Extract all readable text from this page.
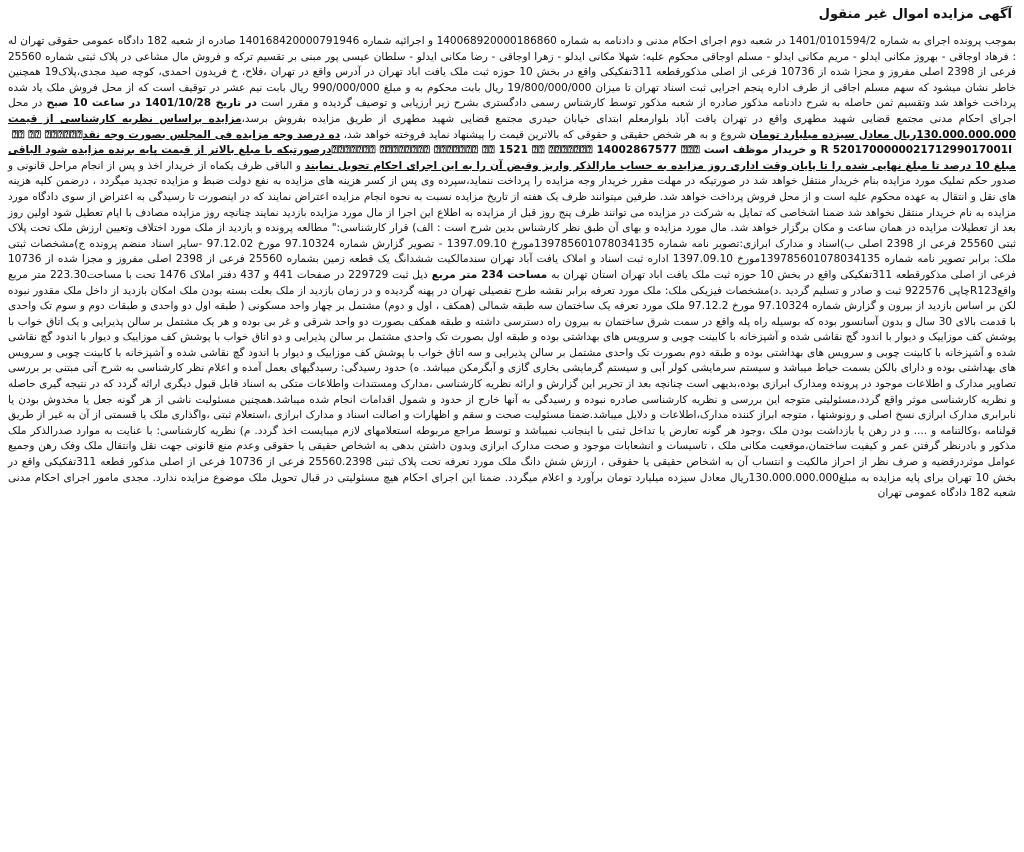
آگهی مزایده اموال غیر منقول

بموجب پرونده اجرای به شماره 1401/0101594/2 در شعبه دوم اجرای احکام مدنی و دادنامه به شماره 140068920000186860 و اجرائیه شماره 140168420000791946 صادره از شعبه 182 دادگاه عمومی حقوقی تهران له : فرهاد اوجاقی - بهروز مکانی ایدلو - مریم مکانی ایدلو - مسلم اوجاقی محکوم علیه: شهلا مکانی ایدلو - زهرا اوجاقی - رضا مکانی ایدلو - سلطان عیسی پور مبنی بر تقسیم ترکه و فروش مال مشاعی در پلاک ثبتی شماره 25560 فرعی از 2398 اصلی مفروز و مجزا شده از 10736 فرعی از اصلی مذکورقطعه 311تفکیکی واقع در بخش 10 حوزه ثبت ملک یافت اباد تهران در آدرس واقع در تهران ،فلاح، خ فریدون احمدی، کوچه صید مجدی،پلاک19 همچنین خاطر نشان میشود که سهم مسلم اجاقی از طرف اداره پنجم اجرایی ثبت اسناد تهران تا میزان 19/800/000/000 ریال بابت محکوم به و مبلغ 990/000/000 ریال بابت نیم عشر در توقیف است که از محل فروش ملک یاد شده پرداخت خواهد شد وتقسیم ثمن حاصله به شرح دادنامه مذکور صادره از شعبه مذکور توسط کارشناس رسمی دادگستری بشرح زیر ارزیابی و توصیف گردیده و مقرر است در تاریخ 1401/10/28 در ساعت 10 صبح در محل اجرای احکام مدنی مجتمع قضایی شهید مطهری واقع در تهران یافت آباد بلوارمعلم ابتدای خیابان حیدری مجتمع قضایی شهید مطهری از طریق مزایده بفروش برسد،مزایده براساس نظریه کارشناسی از قیمت 130.000.000.000ریال معادل سیزده میلیارد تومان شروع و به هر شخص حقیقی و حقوقی که بالاترین قیمت را پیشنهاد نماید فروخته خواهد شد، ده درصد وجه مزایده فی المجلس بصورت وجه نقد ⍰⍰ ⍰⍰ ⍰⍰⍰⍰⍰⍰ ⍰⍰⍰⍰⍰⍰⍰ ⍰⍰⍰⍰⍰⍰⍰⍰ ⍰⍰⍰⍰⍰⍰⍰ ⍰⍰ 1521 ⍰⍰ ⍰⍰⍰⍰⍰⍰⍰ 14002867577 ⍰⍰⍰ و خریدار موظف است R 520170000002171299017001I درصورتیکه با مبلغ بالاتر از قیمت پایه برنده مزایده شود الباقی مبلغ 10 درصد تا مبلغ نهایی شده را تا پایان وقت اداری روز مزایده به حساب مارالذکر واریز وقبض آن را به این اجرای احکام تحویل نمایند و الباقی ظرف یکماه از خریدار اخذ و پس از انجام مراحل قانونی و صدور حکم تملیک مورد مزایده بنام خریدار منتقل خواهد شد در صورتیکه در مهلت مقرر خریدار وجه مزایده را پرداخت ننماید،سپرده وی پس از کسر هزینه های مزایده به نفع دولت ضبط و مزایده تجدید میگردد ، درضمن کلیه هزینه های نقل و انتقال به عهده محکوم علیه است و از محل فروش پرداخت خواهد شد. طرفین میتوانند ظرف یک هفته از تاریخ مزایده نسبت به نحوه انجام مزایده اعتراض نمایند که در اینصورت تا رسیدگی به اعتراض از سوی دادگاه مورد مزایده به نام خریدار منتقل نخواهد شد ضمنا اشخاصی که تمایل به شرکت در مزایده می توانند ظرف پنج روز قبل از مزایده به اطلاع این اجرا از مال مورد مزایده بازدید نمایند چنانچه روز مزایده مصادف با ایام تعطیل شود اولین روز بعد از تعطیلات مزایده در همان ساعت و مکان برگزار خواهد شد. مال مورد مزایده و بهای آن طبق نظر کارشناس بدین شرح است : الف) قرار کارشناسی:" مطالعه پرونده و بازدید از ملک مورد اختلاف وتعیین ارزش ملک تحت پلاک ثبتی 25560 فرعی از 2398 اصلی ب)اسناد و مدارک ابرازی:تصویر نامه شماره 139785601078034135مورخ 1397.09.10 - تصویر گزارش شماره 97.10324 مورخ 97.12.02 -سایر اسناد منضم پرونده ج)مشخصات ثبتی ملک: برابر تصویر نامه شماره 139785601078034135مورخ 1397.09.10 اداره ثبت اسناد و املاک یافت آباد تهران سندمالکیت ششدانگ یک قطعه زمین بشماره 25560 فرعی از 2398 اصلی مفروز و مجزا شده از 10736 فرعی از اصلی مذکورقطعه 311تفکیکی واقع در بخش 10 حوزه ثبت ملک یافت اباد تهران استان تهران به مساحت 234 متر مربع ذیل ثبت 229729 در صفحات 441 و 437 دفتر املاک 1476 تحت با مساحت223.30 متر مربع واقعR123چاپی 922576 ثبت و صادر و تسلیم گردید .د)مشخصات فیزیکی ملک: ملک مورد تعرفه برابر نقشه طرح تفصیلی تهران در پهنه گردیده و در زمان بازدید از ملک بعلت بسته بودن ملک امکان بازدید از داخل ملک مقدور نبوده لکن بر اساس بازدید از بیرون و گزارش شماره 97.10324 مورخ 97.12.2 ملک مورد تعرفه یک ساختمان سه طبقه شمالی (همکف ، اول و دوم) مشتمل بر چهار واحد مسکونی ( طبقه اول دو واحدی و طبقات دوم و سوم تک واحدی با قدمت بالای 30 سال و بدون آسانسور بوده که بوسیله راه پله واقع در سمت شرق ساختمان به بیرون راه دسترسی داشته و طبقه همکف بصورت دو واحد شرقی و غر بی بوده و هر یک مشتمل بر سالن پذیرایی و یک اتاق خواب با پوشش کف موزاییک و دیوار با اندود گچ نقاشی شده و آشپزخانه با کابینت چوبی و سرویس های بهداشتی بوده و طبقه اول بصورت تک واحدی مشتمل بر سالن پذیرایی و دو اتاق خواب با پوشش کف موزاییک و دیوار با اندود گچ نقاشی شده و آشپزخانه با کابینت چوبی و سرویس های بهداشتی بوده و طبقه دوم بصورت تک واحدی مشتمل بر سالن پذیرایی و سه اتاق خواب با پوشش کف موزاییک و دیوار با اندود گچ نقاشی شده و آشپزخانه با کابینت چوبی و سرویس های بهداشتی بوده و دارای بالکن بسمت حیاط میباشد و سیستم سرمایشی کولر آبی و سیستم گرمایشی بخاری گازی و آبگرمکن میباشد. ه) حدود رسیدگی: رسیدگیهای بعمل آمده و اعلام نظر کارشناسی به شرح آتی مبتنی بر بررسی تصاویر مدارک و اطلاعات موجود در پرونده ومدارک ابرازی بوده،بدیهی است چنانچه بعد از تحریر این گزارش و ارائه نظریه کارشناسی ،مدارک ومستندات واطلاعات متکی به اسناد قابل قبول دیگری ارائه گردد که در نتیجه گیری حاصله و نظریه کارشناسی موثر واقع گردد،مسئولیتی متوجه این بررسی و نظریه کارشناسی صادره نبوده و رسیدگی به آنها خارج از حدود و شمول اقدامات انجام شده میباشد.همچنین مسئولیت ناشی از هر گونه جعل یا مخدوش بودن یا نابرابری مدارک ابرازی نسخ اصلی و رونوشتها ، متوجه ابراز کننده مدارک،اطلاعات و دلایل میباشد.ضمنا مسئولیت صحت و سقم و اظهارات و اصالت اسناد و مدارک ابرازی ،استعلام ثبتی ،واگذاری ملک یا قسمتی از آن به غیر از طریق قولنامه ،وکالتنامه و .... و در رهن یا بازداشت بودن ملک ،وجود هر گونه تعارض یا تداخل ثبتی با اینجانب نمیباشد و توسط مراجع مربوطه استعلامهای لازم میبایست اخذ گردد. م) نظریه کارشناسی: با عنایت به موارد صدرالذکر ملک مذکور و بادرنظر گرفتن عمر و کیفیت ساختمان،موقعیت مکانی ملک ، تاسیسات و انشعابات موجود و صحت مدارک ابرازی وبدون داشتن بدهی به اشخاص حقیقی یا حقوقی وعدم منع قانونی جهت نقل وانتقال ملک وفک رهن وجمیع عوامل موثردرقضیه و صرف نظر از احراز مالکیت و انتساب آن به اشخاص حقیقی یا حقوقی ، ارزش شش دانگ ملک مورد تعرفه تحت پلاک ثبتی 25560.2398 فرعی از 10736 فرعی از اصلی مذکور قطعه 311تفکیکی واقع در بخش 10 تهران برای پایه مزایده به مبلغ130.000.000.000ریال معادل سیزده میلیارد تومان برآورد و اعلام میگردد. ضمنا این اجرای احکام هیچ مسئولیتی در قبال تحویل ملک موضوع مزایده ندارد. مجدی مامور اجرای احکام مدنی شعبه 182 دادگاه عمومی تهران
